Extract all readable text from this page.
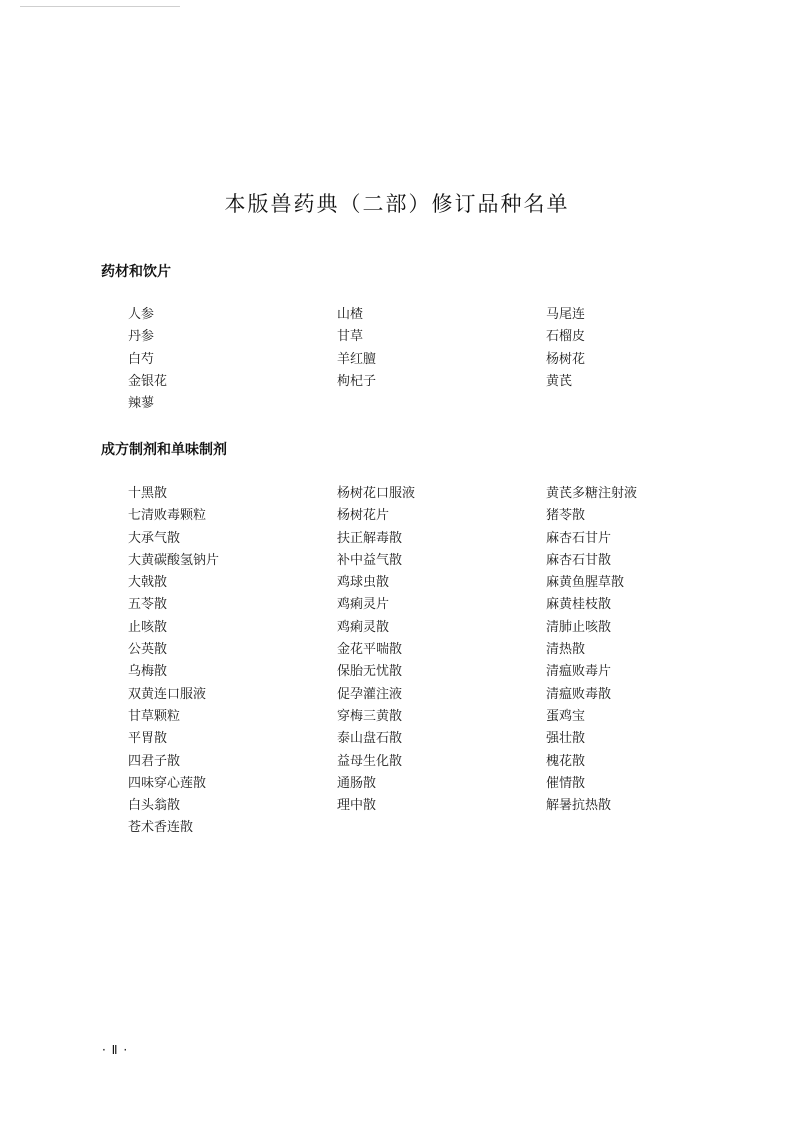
本版兽药典（二部）修订品种名单
药材和饮片
人参	山楂	马尾连
丹参	甘草	石榴皮
白芍	羊红膻	杨树花
金银花	枸杞子	黄芪
辣蓼
成方制剂和单味制剂
十黑散	杨树花口服液	黄芪多糖注射液
七清败毒颗粒	杨树花片	猪苓散
大承气散	扶正解毒散	麻杏石甘片
大黄碳酸氢钠片	补中益气散	麻杏石甘散
大戟散	鸡球虫散	麻黄鱼腥草散
五苓散	鸡痢灵片	麻黄桂枝散
止咳散	鸡痢灵散	清肺止咳散
公英散	金花平喘散	清热散
乌梅散	保胎无忧散	清瘟败毒片
双黄连口服液	促孕灌注液	清瘟败毒散
甘草颗粒	穿梅三黄散	蛋鸡宝
平胃散	泰山盘石散	强壮散
四君子散	益母生化散	槐花散
四味穿心莲散	通肠散	催情散
白头翁散	理中散	解暑抗热散
苍术香连散
· Ⅱ ·
